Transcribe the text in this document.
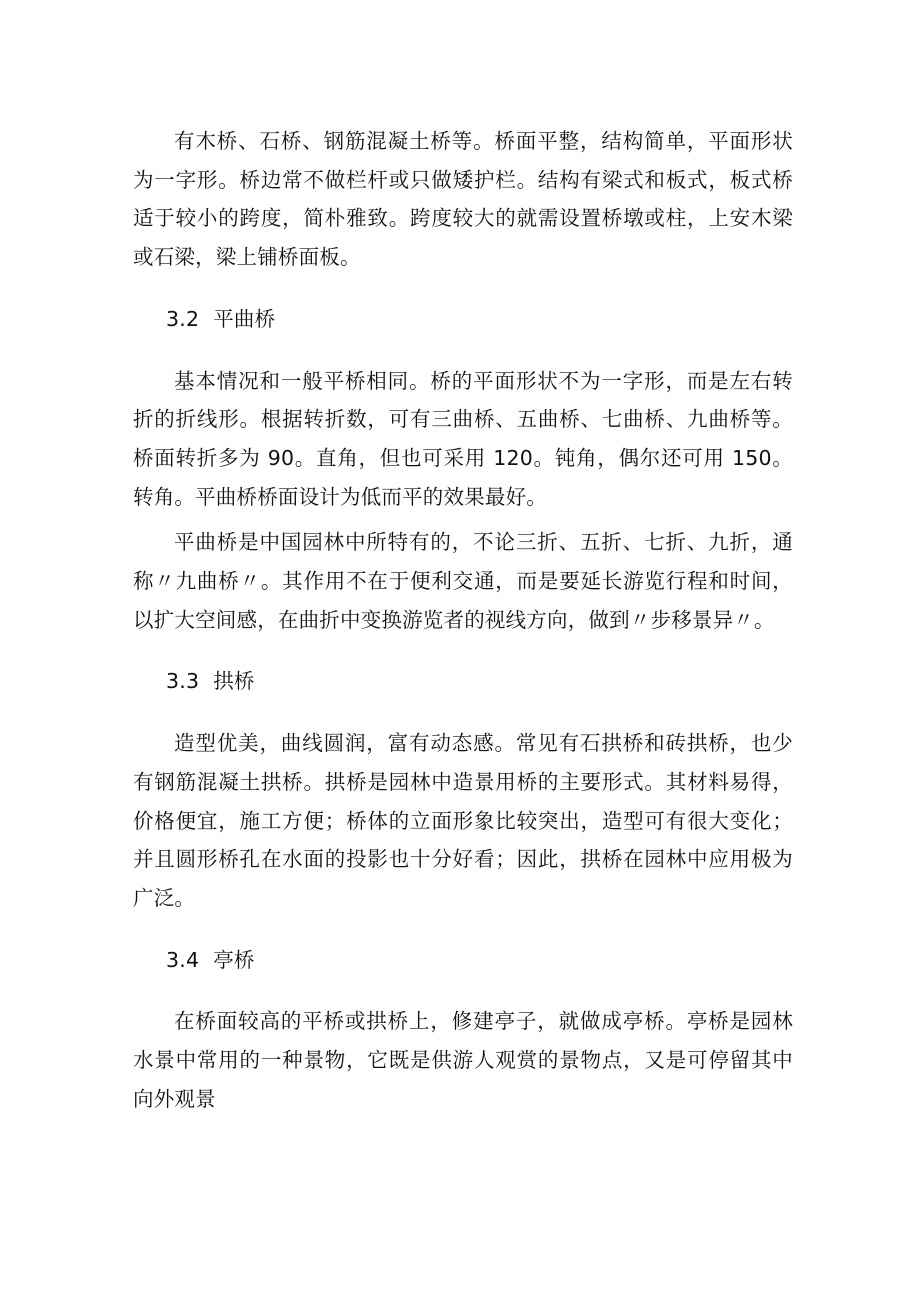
有木桥、石桥、钢筋混凝土桥等。桥面平整，结构简单，平面形状为一字形。桥边常不做栏杆或只做矮护栏。结构有梁式和板式，板式桥适于较小的跨度，简朴雅致。跨度较大的就需设置桥墩或柱，上安木梁或石梁，梁上铺桥面板。

3.2 平曲桥

基本情况和一般平桥相同。桥的平面形状不为一字形，而是左右转折的折线形。根据转折数，可有三曲桥、五曲桥、七曲桥、九曲桥等。桥面转折多为 90。直角，但也可采用 120。钝角，偶尔还可用 150。转角。平曲桥桥面设计为低而平的效果最好。

平曲桥是中国园林中所特有的，不论三折、五折、七折、九折，通称〃九曲桥〃。其作用不在于便利交通，而是要延长游览行程和时间，以扩大空间感，在曲折中变换游览者的视线方向，做到〃步移景异〃。

3.3 拱桥

造型优美，曲线圆润，富有动态感。常见有石拱桥和砖拱桥，也少有钢筋混凝土拱桥。拱桥是园林中造景用桥的主要形式。其材料易得，价格便宜，施工方便；桥体的立面形象比较突出，造型可有很大变化；并且圆形桥孔在水面的投影也十分好看；因此，拱桥在园林中应用极为广泛。

3.4 亭桥

在桥面较高的平桥或拱桥上，修建亭子，就做成亭桥。亭桥是园林水景中常用的一种景物，它既是供游人观赏的景物点，又是可停留其中向外观景
